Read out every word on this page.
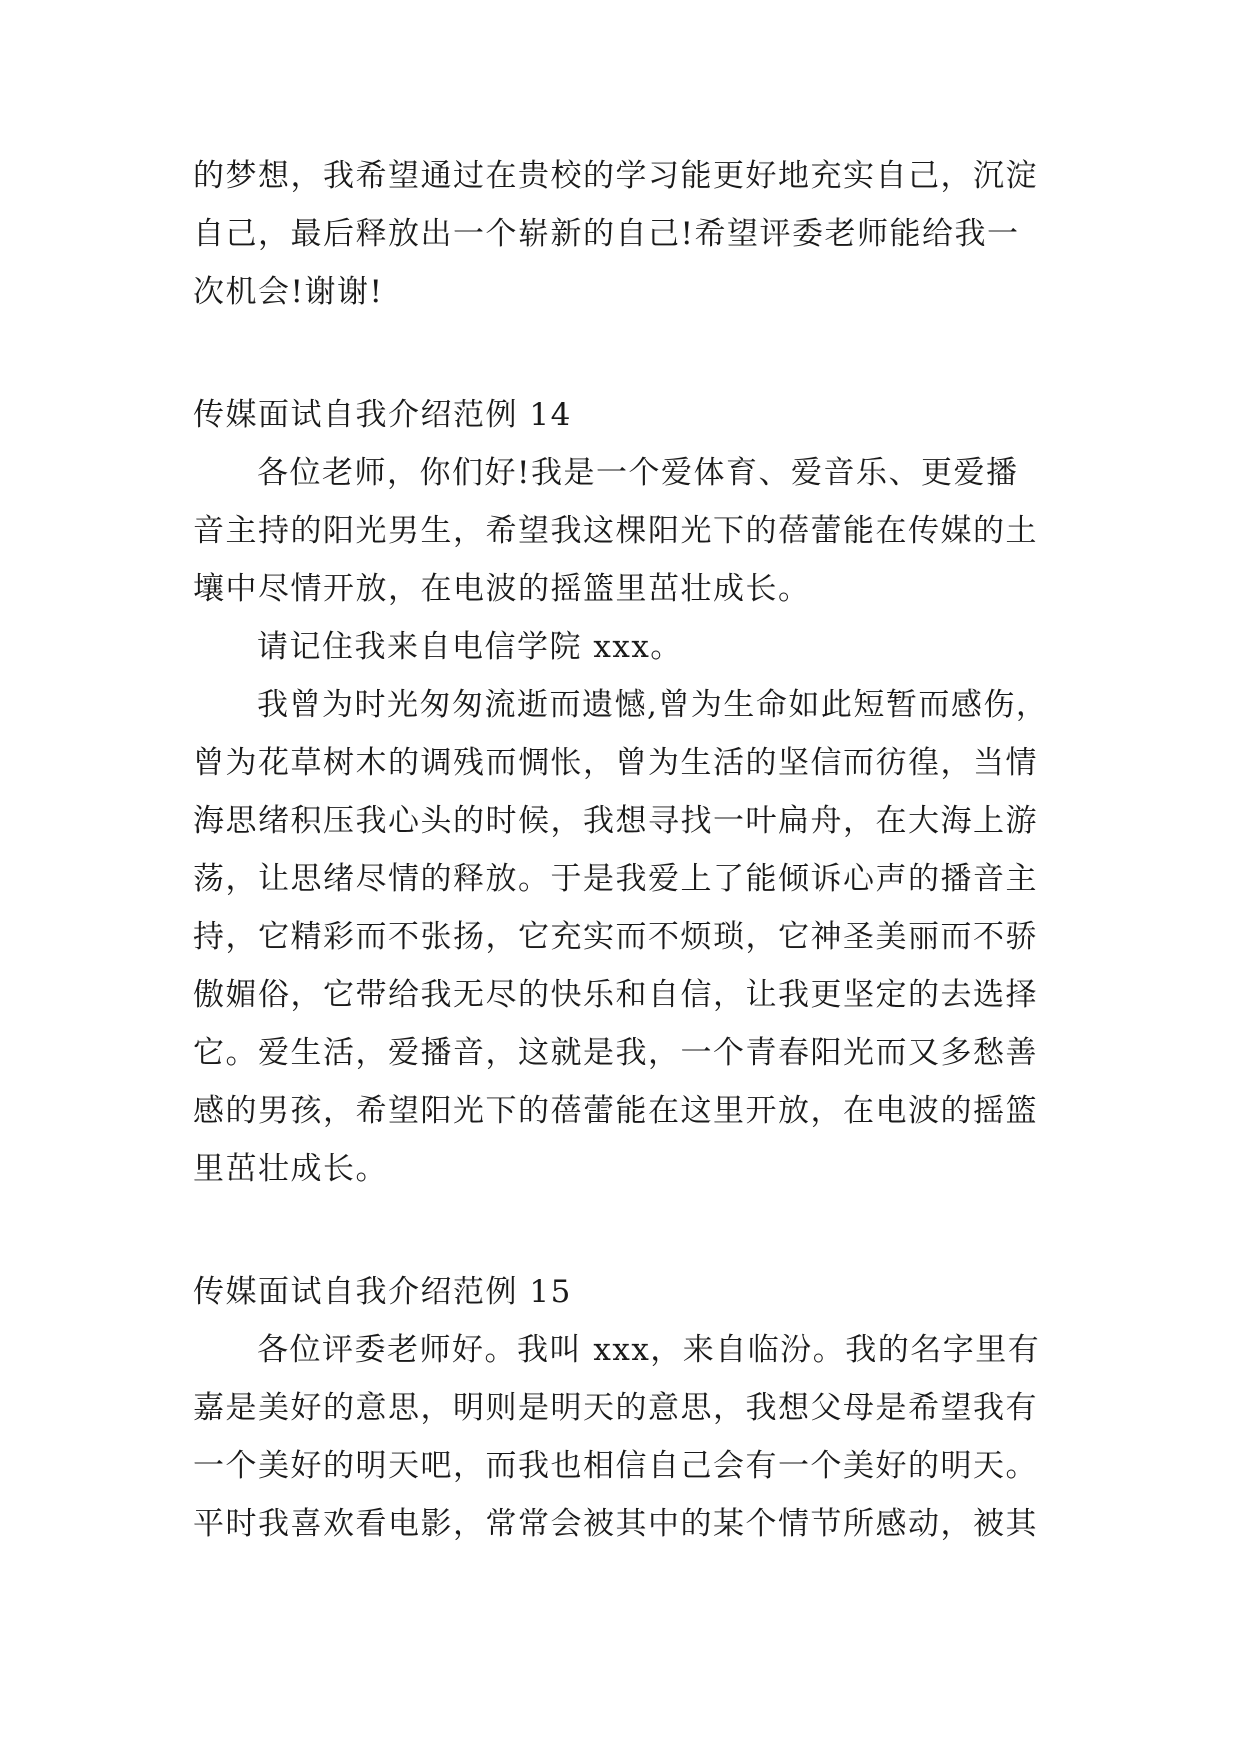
的梦想，我希望通过在贵校的学习能更好地充实自己，沉淀
自己，最后释放出一个崭新的自己!希望评委老师能给我一
次机会!谢谢!
传媒面试自我介绍范例 14
各位老师，你们好!我是一个爱体育、爱音乐、更爱播
音主持的阳光男生，希望我这棵阳光下的蓓蕾能在传媒的土
壤中尽情开放，在电波的摇篮里茁壮成长。
请记住我来自电信学院 xxx。
我曾为时光匆匆流逝而遗憾,曾为生命如此短暂而感伤，
曾为花草树木的调残而惆怅，曾为生活的坚信而彷徨，当情
海思绪积压我心头的时候，我想寻找一叶扁舟，在大海上游
荡，让思绪尽情的释放。于是我爱上了能倾诉心声的播音主
持，它精彩而不张扬，它充实而不烦琐，它神圣美丽而不骄
傲媚俗，它带给我无尽的快乐和自信，让我更坚定的去选择
它。爱生活，爱播音，这就是我，一个青春阳光而又多愁善
感的男孩，希望阳光下的蓓蕾能在这里开放，在电波的摇篮
里茁壮成长。
传媒面试自我介绍范例 15
各位评委老师好。我叫 xxx，来自临汾。我的名字里有
嘉是美好的意思，明则是明天的意思，我想父母是希望我有
一个美好的明天吧，而我也相信自己会有一个美好的明天。
平时我喜欢看电影，常常会被其中的某个情节所感动，被其
